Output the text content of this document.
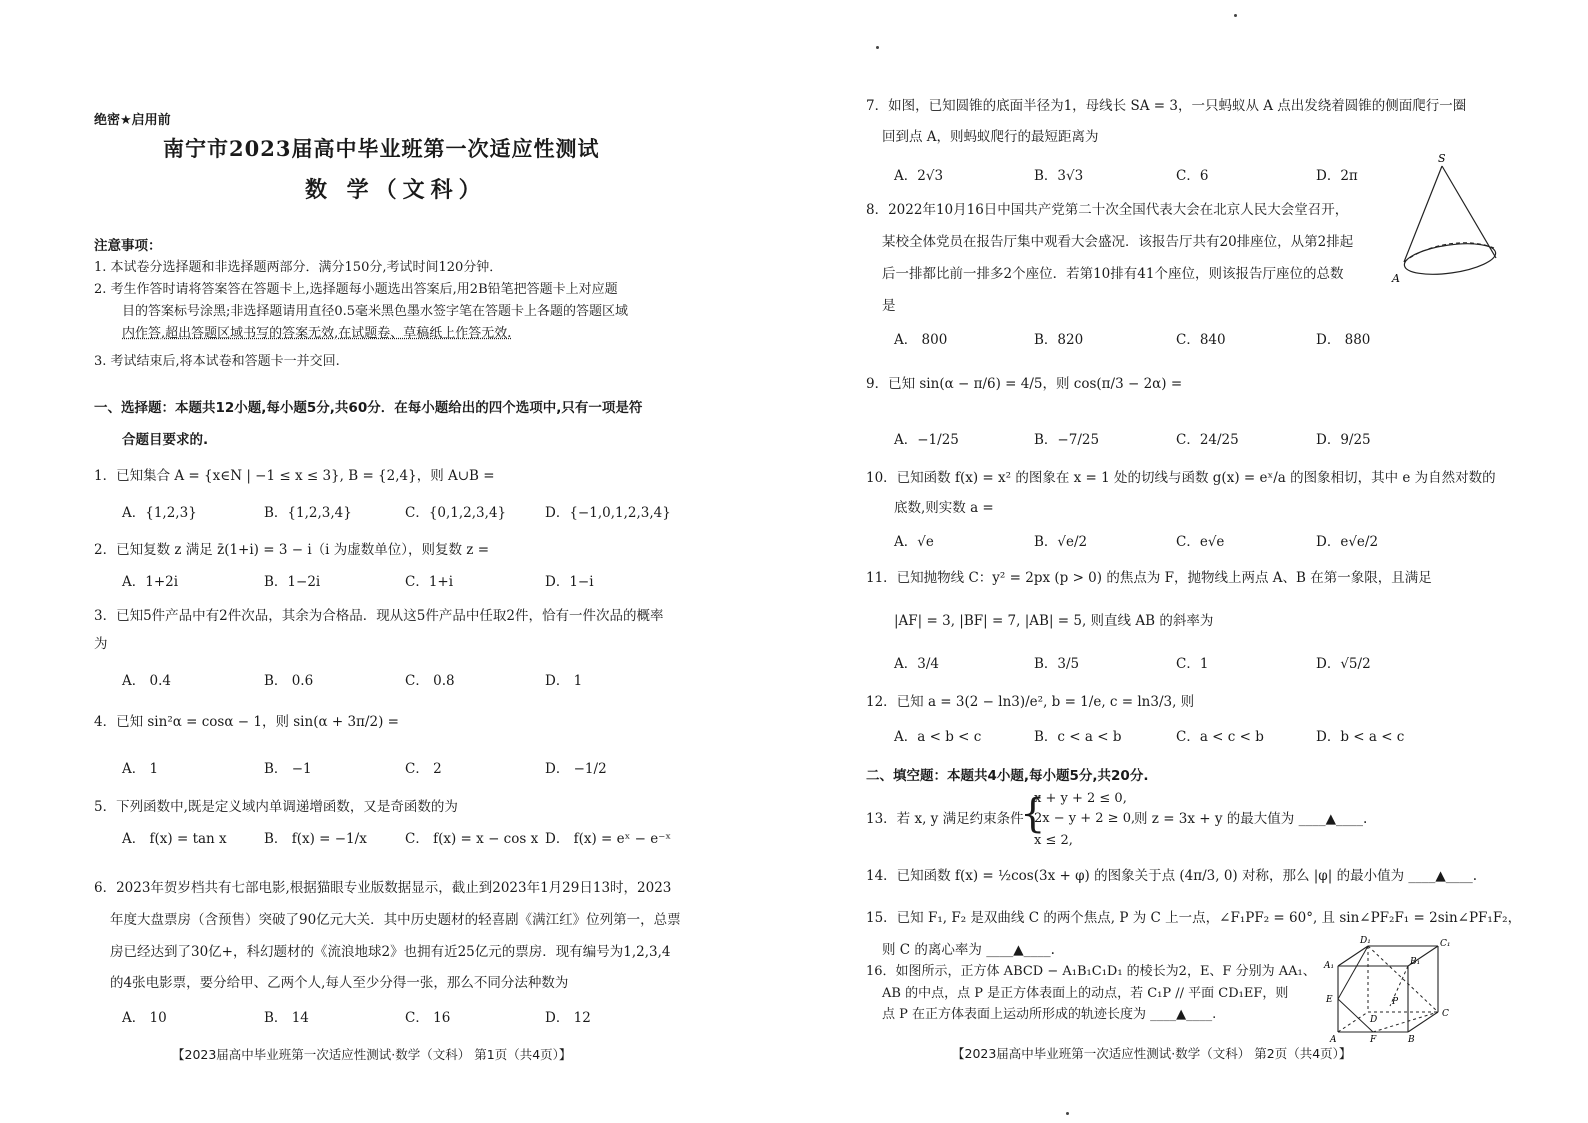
绝密★启用前
南宁市2023届高中毕业班第一次适应性测试
数 学（文科）
注意事项：
1. 本试卷分选择题和非选择题两部分．满分150分,考试时间120分钟．
2. 考生作答时请将答案答在答题卡上,选择题每小题选出答案后,用2B铅笔把答题卡上对应题
目的答案标号涂黑;非选择题请用直径0.5毫米黑色墨水签字笔在答题卡上各题的答题区域
内作答,超出答题区域书写的答案无效,在试题卷、草稿纸上作答无效.
3. 考试结束后,将本试卷和答题卡一并交回.
一、选择题：本题共12小题,每小题5分,共60分．在每小题给出的四个选项中,只有一项是符
合题目要求的.
1．已知集合 A = {x∈N | −1 ≤ x ≤ 3}, B = {2,4}，则 A∪B =
A．{1,2,3}	B．{1,2,3,4}	C．{0,1,2,3,4}	D．{−1,0,1,2,3,4}
2．已知复数 z 满足 z̄(1+i) = 3 − i（i 为虚数单位），则复数 z =
A．1+2i	B．1−2i	C．1+i	D．1−i
3．已知5件产品中有2件次品，其余为合格品．现从这5件产品中任取2件，恰有一件次品的概率
为
A． 0.4	B． 0.6	C． 0.8	D． 1
4．已知 sin²α = cosα − 1，则 sin(α + 3π/2) =
A． 1	B． −1	C． 2	D． −1/2
5．下列函数中,既是定义域内单调递增函数，又是奇函数的为
A． f(x) = tan x	B． f(x) = −1/x	C． f(x) = x − cos x D． f(x) = eˣ − e⁻ˣ
6．2023年贺岁档共有七部电影,根据猫眼专业版数据显示，截止到2023年1月29日13时，2023
年度大盘票房（含预售）突破了90亿元大关．其中历史题材的轻喜剧《满江红》位列第一，总票
房已经达到了30亿+，科幻题材的《流浪地球2》也拥有近25亿元的票房．现有编号为1,2,3,4
的4张电影票，要分给甲、乙两个人,每人至少分得一张，那么不同分法种数为
A． 10	B． 14	C． 16	D． 12
【2023届高中毕业班第一次适应性测试·数学（文科） 第1页（共4页）】
7．如图，已知圆锥的底面半径为1，母线长 SA = 3，一只蚂蚁从 A 点出发绕着圆锥的侧面爬行一圈
回到点 A，则蚂蚁爬行的最短距离为
A．2√3	B．3√3	C．6	D．2π
S
A
8．2022年10月16日中国共产党第二十次全国代表大会在北京人民大会堂召开，
某校全体党员在报告厅集中观看大会盛况．该报告厅共有20排座位，从第2排起
后一排都比前一排多2个座位．若第10排有41个座位，则该报告厅座位的总数
是
A． 800	B．820	C．840	D． 880
9．已知 sin(α − π/6) = 4/5，则 cos(π/3 − 2α) =
A．−1/25	B．−7/25	C．24/25	D．9/25
10．已知函数 f(x) = x² 的图象在 x = 1 处的切线与函数 g(x) = eˣ/a 的图象相切，其中 e 为自然对数的
底数,则实数 a =
A．√e	B．√e/2	C．e√e	D．e√e/2
11．已知抛物线 C：y² = 2px (p > 0) 的焦点为 F，抛物线上两点 A、B 在第一象限，且满足
|AF| = 3, |BF| = 7, |AB| = 5, 则直线 AB 的斜率为
A．3/4	B．3/5	C．1	D．√5/2
12．已知 a = 3(2 − ln3)/e², b = 1/e, c = ln3/3, 则
A．a < b < c	B．c < a < b	C．a < c < b	D．b < a < c
二、填空题：本题共4小题,每小题5分,共20分.
13．若 x, y 满足约束条件
{
x + y + 2 ≤ 0,
2x − y + 2 ≥ 0,
x ≤ 2,
则 z = 3x + y 的最大值为 ____▲____.
14．已知函数 f(x) = ½cos(3x + φ) 的图象关于点 (4π/3, 0) 对称，那么 |φ| 的最小值为 ____▲____.
15．已知 F₁, F₂ 是双曲线 C 的两个焦点, P 为 C 上一点，∠F₁PF₂ = 60°, 且 sin∠PF₂F₁ = 2sin∠PF₁F₂，
则 C 的离心率为 ____▲____.
16．如图所示，正方体 ABCD − A₁B₁C₁D₁ 的棱长为2，E、F 分别为 AA₁、
AB 的中点，点 P 是正方体表面上的动点，若 C₁P // 平面 CD₁EF，则
点 P 在正方体表面上运动所形成的轨迹长度为 ____▲____.
D₁	C₁
A₁	B₁
E	P
D
C
A	F	B
【2023届高中毕业班第一次适应性测试·数学（文科） 第2页（共4页）】
